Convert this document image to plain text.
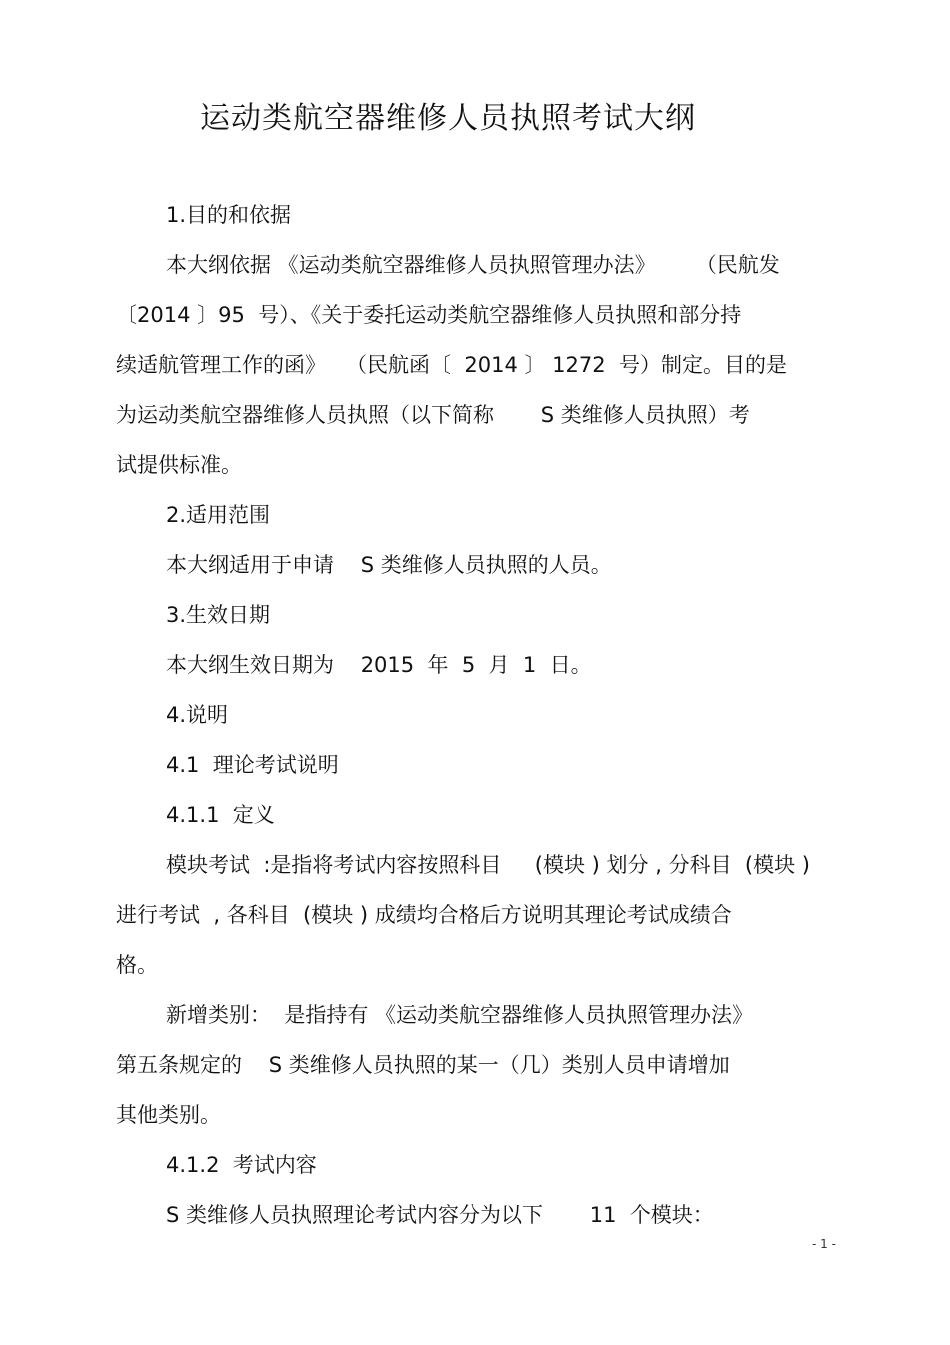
运动类航空器维修人员执照考试大纲
1.目的和依据
本大纲依据 《运动类航空器维修人员执照管理办法》      （民航发
〔2014 〕95  号）、《关于委托运动类航空器维修人员执照和部分持
续适航管理工作的函》   （民航函〔  2014 〕 1272  号）制定。目的是
为运动类航空器维修人员执照（以下简称       S 类维修人员执照）考
试提供标准。
2.适用范围
本大纲适用于申请    S 类维修人员执照的人员。
3.生效日期
本大纲生效日期为    2015  年  5  月  1  日。
4.说明
4.1  理论考试说明
4.1.1  定义
模块考试  :是指将考试内容按照科目     (模块 ) 划分 , 分科目  (模块 )
进行考试  , 各科目  (模块 ) 成绩均合格后方说明其理论考试成绩合
格。
新增类别：  是指持有 《运动类航空器维修人员执照管理办法》
第五条规定的    S 类维修人员执照的某一（几）类别人员申请增加
其他类别。
4.1.2  考试内容
S 类维修人员执照理论考试内容分为以下       11  个模块：
- 1 -
